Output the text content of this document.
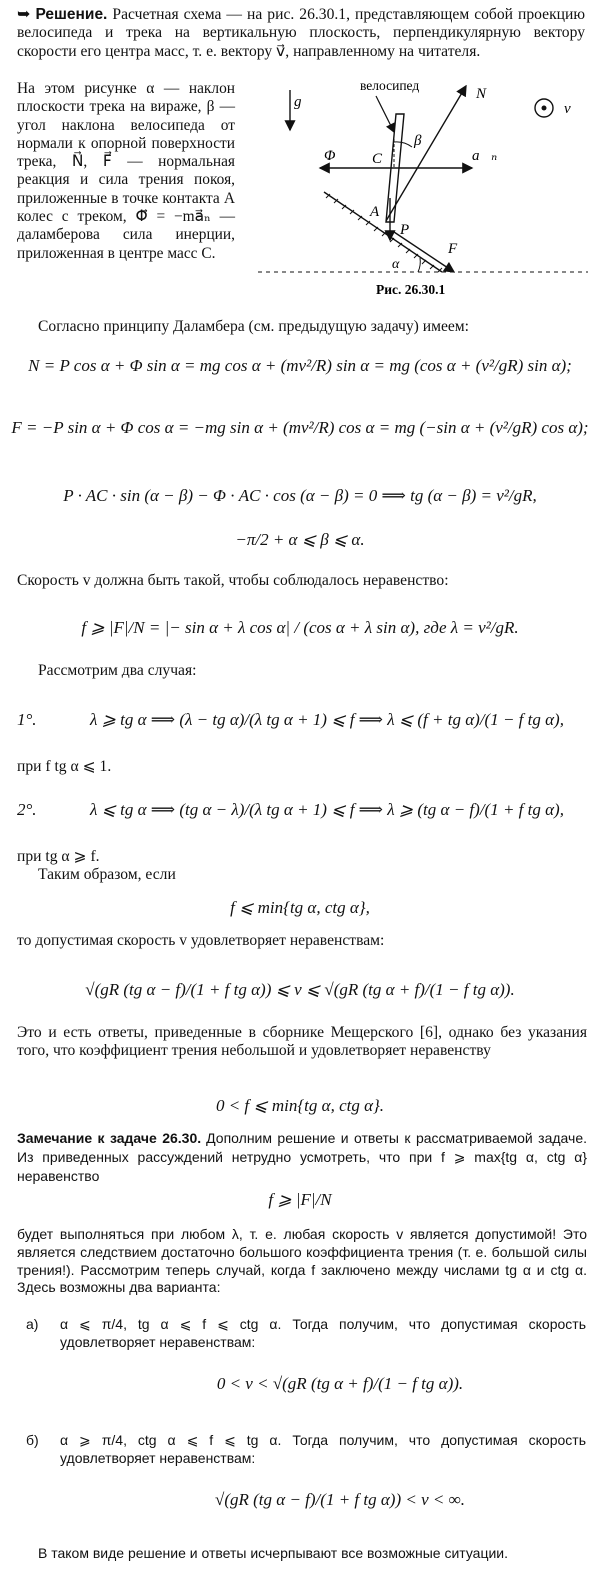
➥ Решение. Расчетная схема — на рис. 26.30.1, представляющем собой проекцию велосипеда и трека на вертикальную плоскость, перпендикулярную вектору скорости его центра масс, т. е. вектору v⃗, направленному на читателя.
На этом рисунке α — наклон плоскости трека на вираже, β — угол наклона велосипеда от нормали к опорной поверхности трека, N⃗, F⃗ — нормальная реакция и сила трения покоя, приложенные в точке контакта A колес с треком, Φ⃗ = −ma⃗ₙ — даламберова сила инерции, приложенная в центре масс C.
g⃗
велосипед
N⃗
v⃗
Φ⃗ C	a⃗ₙ
β
A
P⃗
F⃗
α
Рис. 26.30.1
Согласно принципу Даламбера (см. предыдущую задачу) имеем:
N = P cos α + Φ sin α = mg cos α + (mv²/R) sin α = mg (cos α + (v²/gR) sin α);
F = −P sin α + Φ cos α = −mg sin α + (mv²/R) cos α = mg (−sin α + (v²/gR) cos α);
P · AC · sin (α − β) − Φ · AC · cos (α − β) = 0 ⟹ tg (α − β) = v²/gR,
−π/2 + α ⩽ β ⩽ α.
Скорость v должна быть такой, чтобы соблюдалось неравенство:
f ⩾ |F|/N = |− sin α + λ cos α| / (cos α + λ sin α), где λ = v²/gR.
Рассмотрим два случая:
1°.	λ ⩾ tg α ⟹ (λ − tg α)/(λ tg α + 1) ⩽ f ⟹ λ ⩽ (f + tg α)/(1 − f tg α),
при f tg α ⩽ 1.
2°.	λ ⩽ tg α ⟹ (tg α − λ)/(λ tg α + 1) ⩽ f ⟹ λ ⩾ (tg α − f)/(1 + f tg α),
при tg α ⩾ f.
Таким образом, если
f ⩽ min{tg α, ctg α},
то допустимая скорость v удовлетворяет неравенствам:
√(gR (tg α − f)/(1 + f tg α)) ⩽ v ⩽ √(gR (tg α + f)/(1 − f tg α)).
Это и есть ответы, приведенные в сборнике Мещерского [6], однако без указания того, что коэффициент трения небольшой и удовлетворяет неравенству
0 < f ⩽ min{tg α, ctg α}.
Замечание к задаче 26.30. Дополним решение и ответы к рассматриваемой задаче. Из приведенных рассуждений нетрудно усмотреть, что при f ⩾ max{tg α, ctg α} неравенство
f ⩾ |F|/N
будет выполняться при любом λ, т. е. любая скорость v является допустимой! Это является следствием достаточно большого коэффициента трения (т. е. большой силы трения!). Рассмотрим теперь случай, когда f заключено между числами tg α и ctg α. Здесь возможны два варианта:
а) α ⩽ π/4, tg α ⩽ f ⩽ ctg α. Тогда получим, что допустимая скорость удовлетворяет неравенствам:
0 < v < √(gR (tg α + f)/(1 − f tg α)).
б) α ⩾ π/4, ctg α ⩽ f ⩽ tg α. Тогда получим, что допустимая скорость удовлетворяет неравенствам:
√(gR (tg α − f)/(1 + f tg α)) < v < ∞.
В таком виде решение и ответы исчерпывают все возможные ситуации.
